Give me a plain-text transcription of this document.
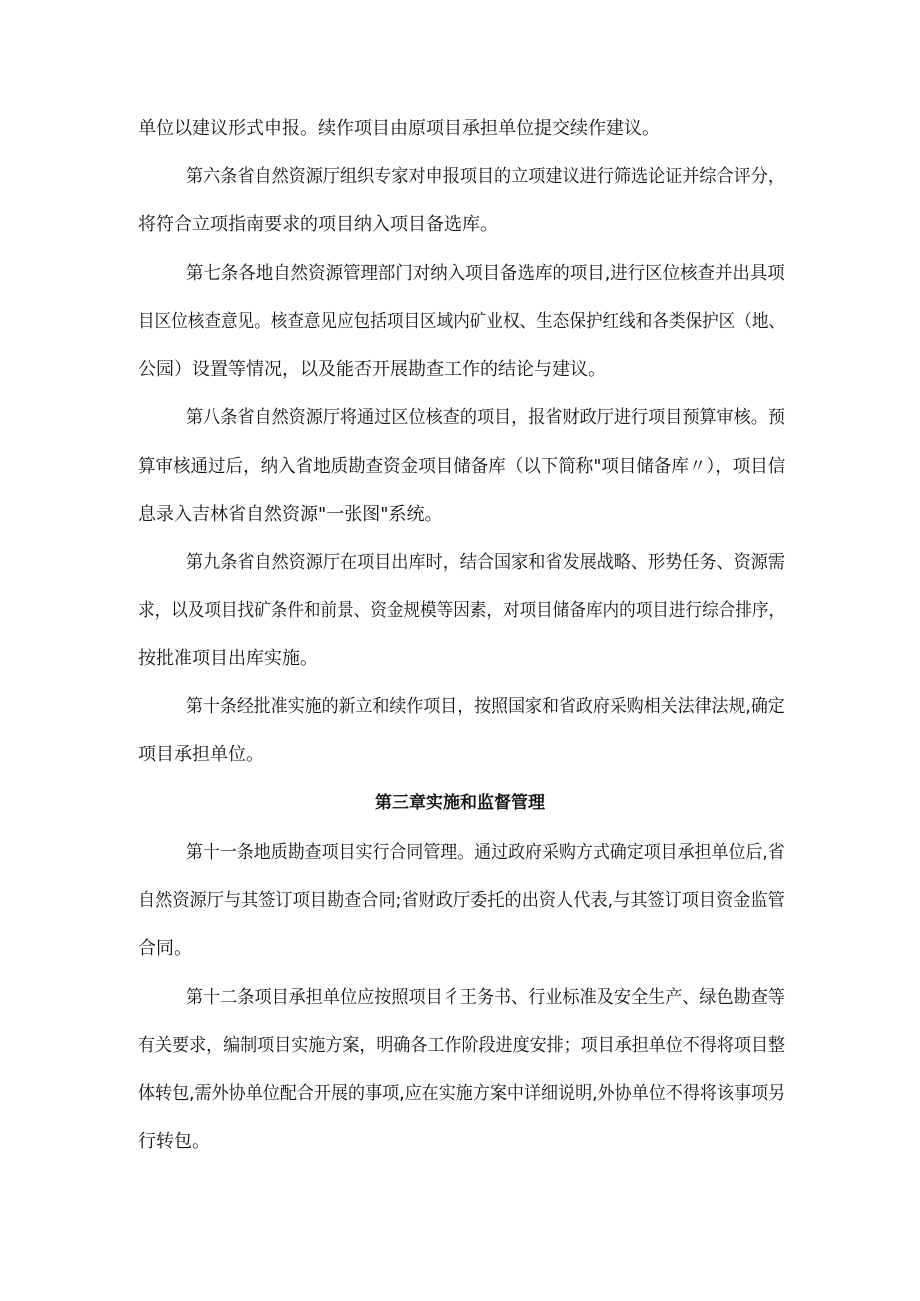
单位以建议形式申报。续作项目由原项目承担单位提交续作建议。
第六条省自然资源厅组织专家对申报项目的立项建议进行筛选论证并综合评分，
将符合立项指南要求的项目纳入项目备选库。
第七条各地自然资源管理部门对纳入项目备选库的项目,进行区位核查并出具项
目区位核查意见。核查意见应包括项目区域内矿业权、生态保护红线和各类保护区（地、
公园）设置等情况，以及能否开展勘查工作的结论与建议。
第八条省自然资源厅将通过区位核查的项目，报省财政厅进行项目预算审核。预
算审核通过后，纳入省地质勘查资金项目储备库（以下简称"项目储备库〃），项目信
息录入吉林省自然资源"一张图"系统。
第九条省自然资源厅在项目出库时，结合国家和省发展战略、形势任务、资源需
求，以及项目找矿条件和前景、资金规模等因素，对项目储备库内的项目进行综合排序，
按批准项目出库实施。
第十条经批准实施的新立和续作项目，按照国家和省政府采购相关法律法规,确定
项目承担单位。
第三章实施和监督管理
第十一条地质勘查项目实行合同管理。通过政府采购方式确定项目承担单位后,省
自然资源厅与其签订项目勘查合同;省财政厅委托的出资人代表,与其签订项目资金监管
合同。
第十二条项目承担单位应按照项目彳王务书、行业标准及安全生产、绿色勘查等
有关要求，编制项目实施方案，明确各工作阶段进度安排；项目承担单位不得将项目整
体转包,需外协单位配合开展的事项,应在实施方案中详细说明,外协单位不得将该事项另
行转包。
